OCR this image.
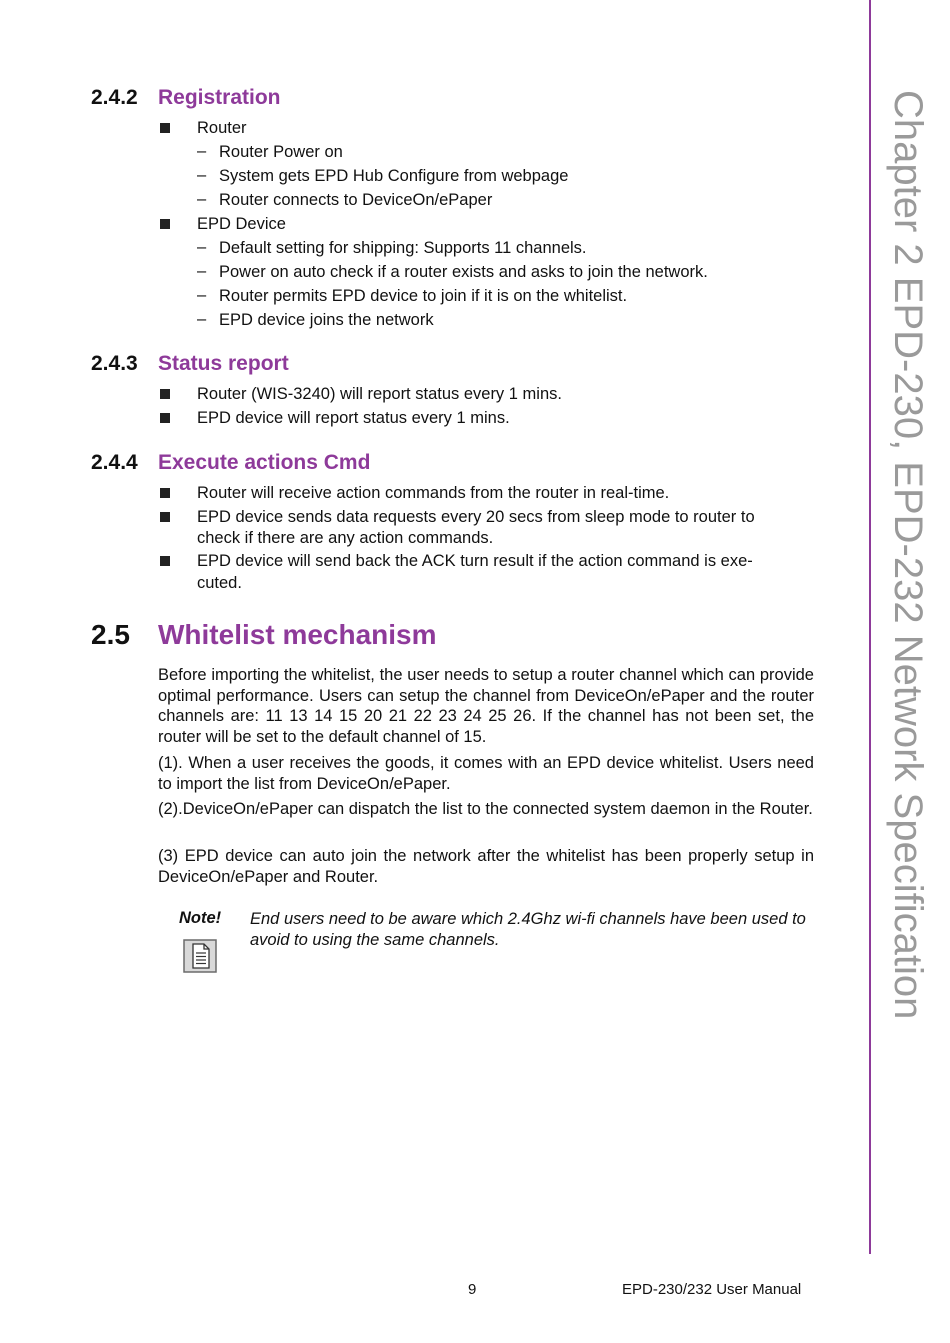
Chapter 2 EPD-230, EPD-232 Network Specification
2.4.2 Registration
Router
– Router Power on
– System gets EPD Hub Configure from webpage
– Router connects to DeviceOn/ePaper
EPD Device
– Default setting for shipping: Supports 11 channels.
– Power on auto check if a router exists and asks to join the network.
– Router permits EPD device to join if it is on the whitelist.
– EPD device joins the network
2.4.3 Status report
Router (WIS-3240) will report status every 1 mins.
EPD device will report status every 1 mins.
2.4.4 Execute actions Cmd
Router will receive action commands from the router in real-time.
EPD device sends data requests every 20 secs from sleep mode to router to
check if there are any action commands.
EPD device will send back the ACK turn result if the action command is exe-
cuted.
2.5 Whitelist mechanism
Before importing the whitelist, the user needs to setup a router channel which can provide optimal performance. Users can setup the channel from DeviceOn/ePaper and the router channels are: 11 13 14 15 20 21 22 23 24 25 26. If the channel has not been set, the router will be set to the default channel of 15.
(1). When a user receives the goods, it comes with an EPD device whitelist. Users need to import the list from DeviceOn/ePaper.
(2).DeviceOn/ePaper can dispatch the list to the connected system daemon in the Router.
(3) EPD device can auto join the network after the whitelist has been properly setup in DeviceOn/ePaper and Router.
Note! End users need to be aware which 2.4Ghz wi-fi channels have been used to avoid to using the same channels.
9	EPD-230/232 User Manual
